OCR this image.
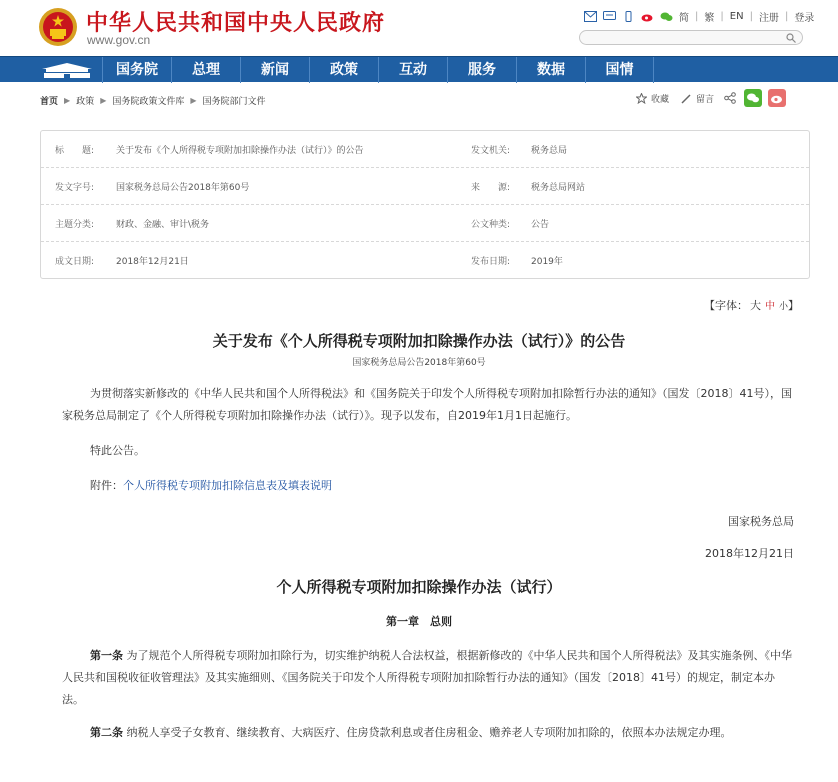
中华人民共和国中央人民政府
www.gov.cn
简 | 繁 | EN | 注册 | 登录
国务院	总理	新闻	政策	互动	服务	数据	国情
首页 ▶ 政策 ▶ 国务院政策文件库 ▶ 国务院部门文件	收藏	留言
标　　题: 关于发布《个人所得税专项附加扣除操作办法（试行）》的公告	发文机关: 税务总局
发文字号: 国家税务总局公告2018年第60号	来　　源: 税务总局网站
主题分类: 财政、金融、审计\税务	公文种类: 公告
成文日期: 2018年12月21日	发布日期: 2019年
【字体： 大 中 小】
关于发布《个人所得税专项附加扣除操作办法（试行）》的公告
国家税务总局公告2018年第60号
为贯彻落实新修改的《中华人民共和国个人所得税法》和《国务院关于印发个人所得税专项附加扣除暂行办法的通知》（国发〔2018〕41号），国家税务总局制定了《个人所得税专项附加扣除操作办法（试行）》。现予以发布，自2019年1月1日起施行。
特此公告。
附件：个人所得税专项附加扣除信息表及填表说明
国家税务总局
2018年12月21日
个人所得税专项附加扣除操作办法（试行）
第一章　总则
第一条 为了规范个人所得税专项附加扣除行为，切实维护纳税人合法权益，根据新修改的《中华人民共和国个人所得税法》及其实施条例、《中华人民共和国税收征收管理法》及其实施细则、《国务院关于印发个人所得税专项附加扣除暂行办法的通知》（国发〔2018〕41号）的规定，制定本办法。
第二条 纳税人享受子女教育、继续教育、大病医疗、住房贷款利息或者住房租金、赡养老人专项附加扣除的，依照本办法规定办理。
